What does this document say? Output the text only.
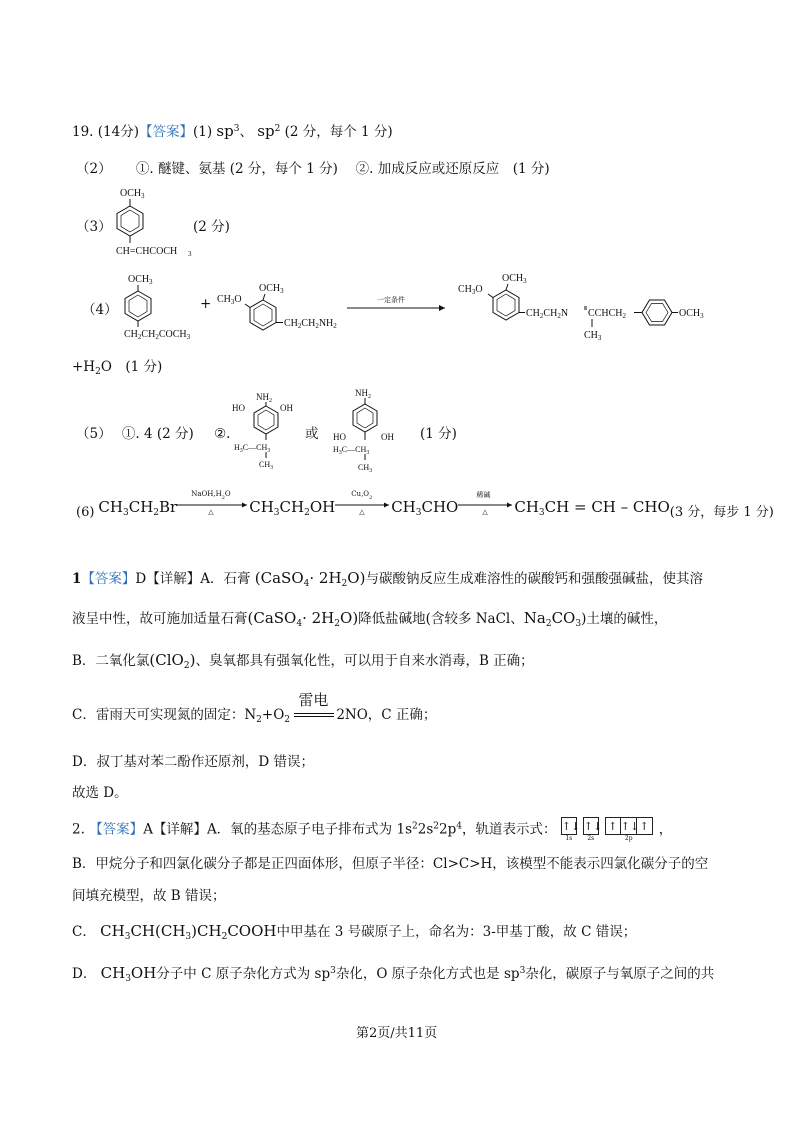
19. (14分)【答案】(1) $sp^3$、 $sp^2$ (2 分，每个 1 分)
（2） ①. 醚键、氨基 (2 分，每个 1 分)　 ②. 加成反应或还原反应　(1 分)
（3）
OCH 3
CH=CHCOCH 3
(2 分)
（4）
OCH 3
$CH_2CH_2COCH_3$
+
$OCH_3$
$CH_3O$
$CH_2CH_2NH_2$
一定条件
$OCH_3$
$CH_3O$
$CH_2CH_2N$ $CCHCH_2$
$CH_3$
$OCH_3$
$+H_2O$　(1 分)
（5） ①. 4 (2 分) ②.
$NH_2$
HO	OH
$H_3C—CH_3$
$CH_3$
或
$NH_2$
HO	OH
$H_3C—CH_3$
$CH_3$
(1 分)
(6) $CH_3CH_2Br$
$NaOH,H_2O$
△ $CH_3CH_2OH$
$Cu,O_2$
△ $CH_3CHO$
稀碱
△ $CH_3CH$ = CH – CHO (3 分，每步 1 分)
1【答案】D【详解】A．石膏 (CaSO$_4$· $2H_2O$)与碳酸钠反应生成难溶性的碳酸钙和强酸强碱盐，使其溶
液呈中性，故可施加适量石膏(CaSO$_4$· $2H_2O$)降低盐碱地(含较多 NaCl、$Na_2CO_3$)土壤的碱性，
B．二氧化氯(ClO$_2$)、臭氧都具有强氧化性，可以用于自来水消毒，B 正确；
C．雷雨天可实现氮的固定：$N_2+O_2$
雷电
2NO，C 正确；
D．叔丁基对苯二酚作还原剂，D 错误；
故选 D。
2. 【答案】A【详解】A．氧的基态原子电子排布式为 $1s^22s^22p^4$，轨道表示式： ↑↓
1s
↑↓
2s
↑ ↑↓ ↑
2p
，
B．甲烷分子和四氯化碳分子都是正四面体形，但原子半径：Cl>C>H，该模型不能表示四氯化碳分子的空
间填充模型，故 B 错误；
C． $CH_3CH(CH_3)CH_2COOH$中甲基在 3 号碳原子上，命名为：3-甲基丁酸，故 C 错误；
D． $CH_3OH$分子中 C 原子杂化方式为 $sp^3$杂化，O 原子杂化方式也是 $sp^3$杂化，碳原子与氧原子之间的共
第2页/共11页
